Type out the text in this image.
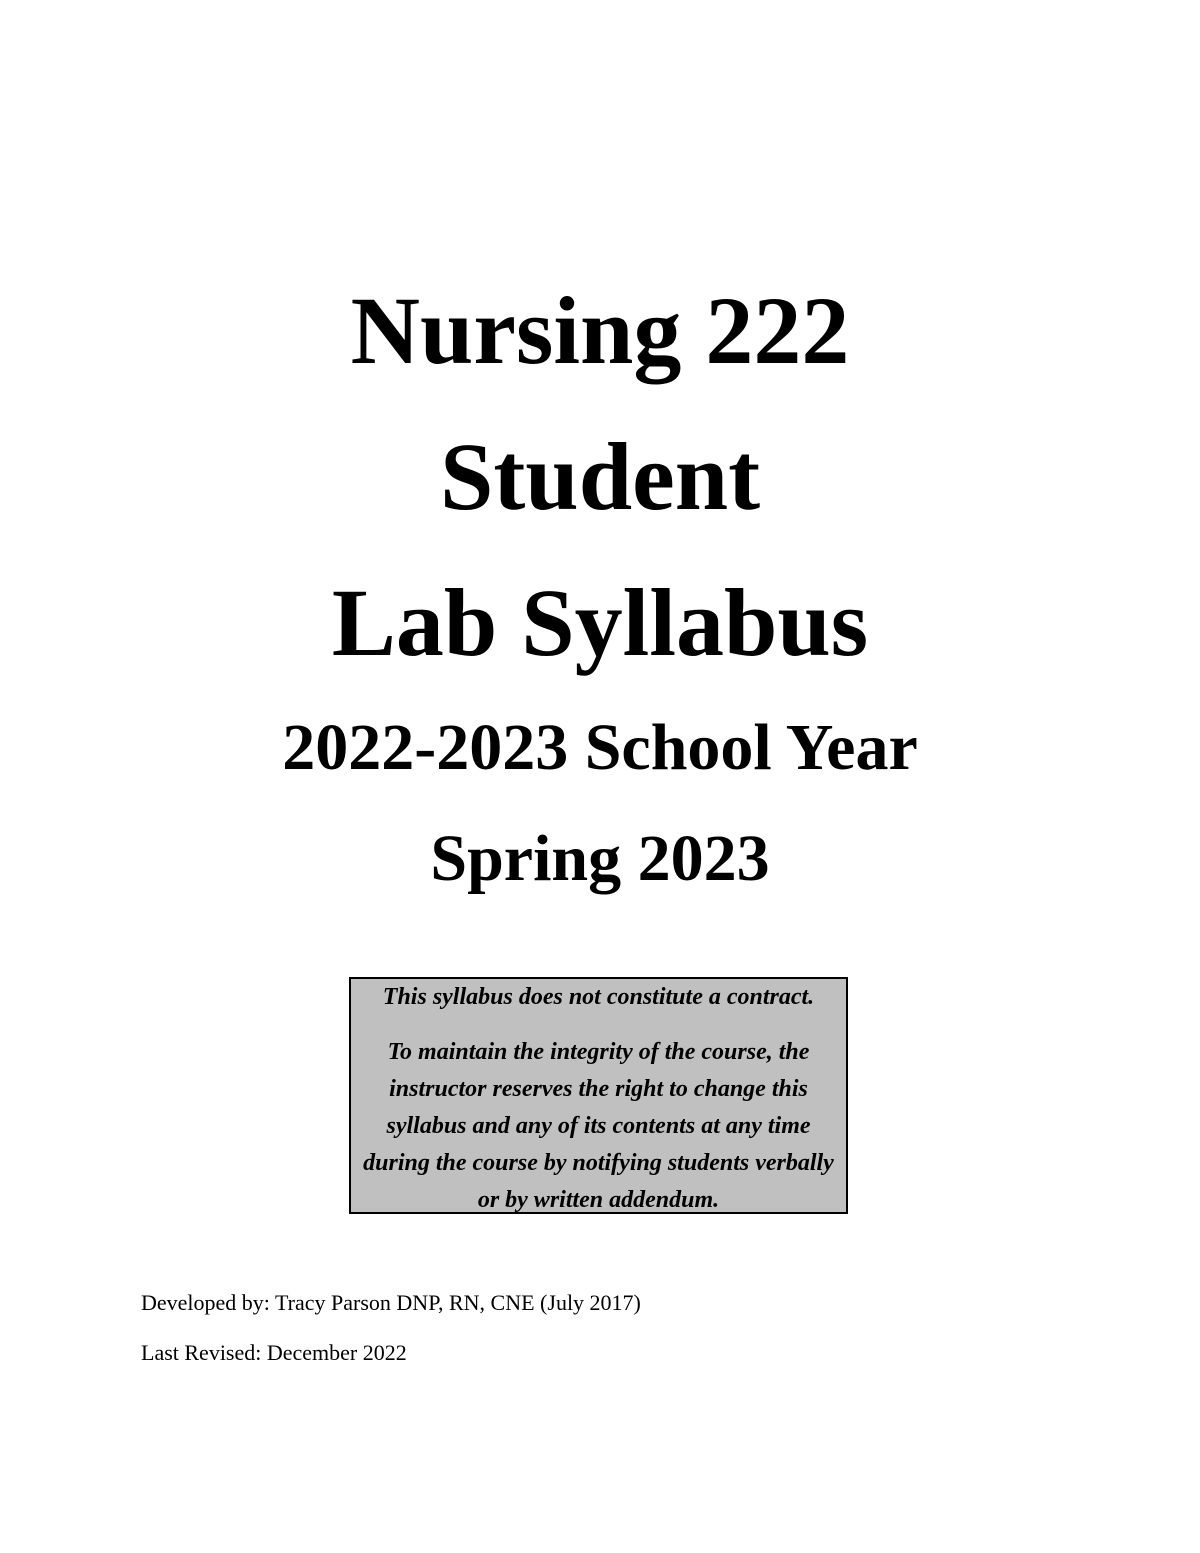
Nursing 222
Student
Lab Syllabus
2022-2023 School Year
Spring 2023
This syllabus does not constitute a contract.
To maintain the integrity of the course, the instructor reserves the right to change this syllabus and any of its contents at any time during the course by notifying students verbally or by written addendum.
Developed by: Tracy Parson DNP, RN, CNE (July 2017)
Last Revised: December 2022
